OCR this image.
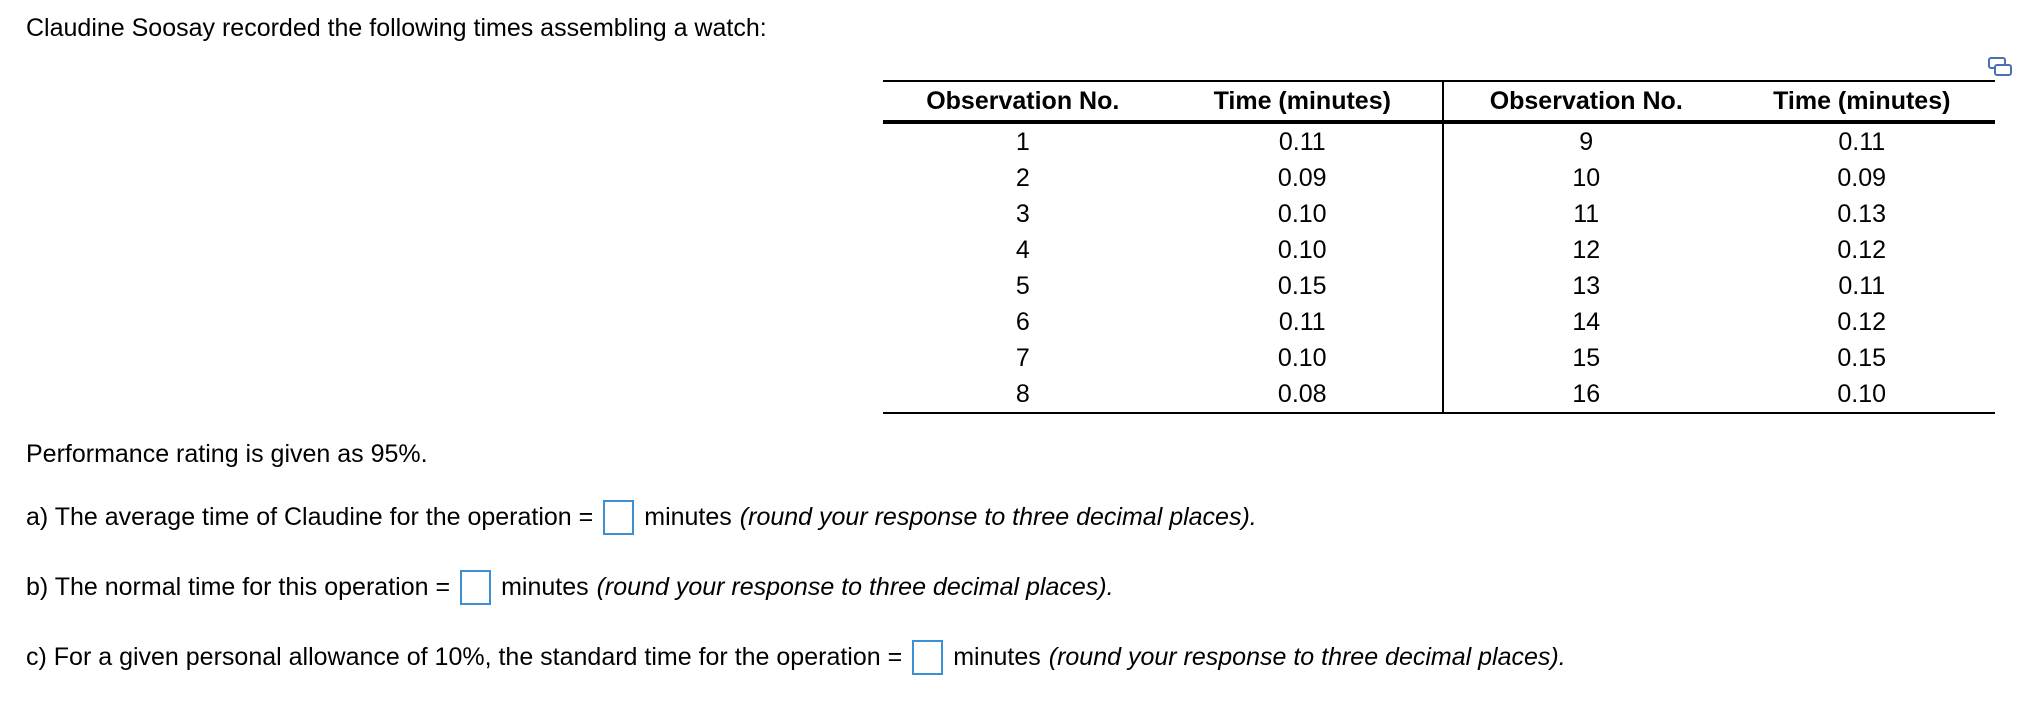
Claudine Soosay recorded the following times assembling a watch:
Observation No.	Time (minutes)	Observation No.	Time (minutes)
1	0.11	9	0.11
2	0.09	10	0.09
3	0.10	11	0.13
4	0.10	12	0.12
5	0.15	13	0.11
6	0.11	14	0.12
7	0.10	15	0.15
8	0.08	16	0.10
Performance rating is given as 95%.
a) The average time of Claudine for the operation = minutes (round your response to three decimal places).
b) The normal time for this operation = minutes (round your response to three decimal places).
c) For a given personal allowance of 10%, the standard time for the operation = minutes (round your response to three decimal places).
